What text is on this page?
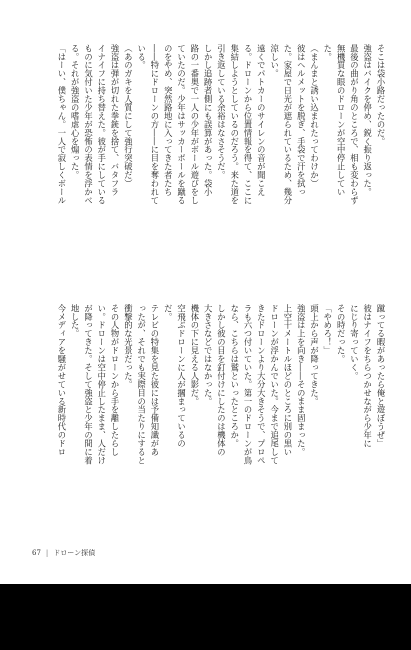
そこは袋小路だったのだ。

強盗はバイクを停め、鋭く振り返った。

最後の曲がり角のところで、相も変わらず

無機質な眼のドローンが空中停止してい

た。

（まんまと誘い込まれたってわけか）

彼はヘルメットを脱ぎ、手袋で汗を拭っ

た。家屋で日光が遮られているため、幾分

涼しい。

遠くでパトカーのサイレンの音が聞こえ

る。ドローンから位置情報を得て、ここに

集結しようとしているのだろう。来た道を

引き返している余裕はなさそうだ。

しかし追跡者側にも誤算があった。袋小

路の一番奥で一人の少年がボール遊びをし

ていたのだ。少年はサッカーボールを蹴る

のをやめ、突然路地に入ってきた者たち

――特にドローンの方――に目を奪われて

いる。

（あのガキを人質にして強行突破だ）

強盗は弾が切れた拳銃を捨て、バタフラ

イナイフに持ち替えた。彼が手にしている

ものに気付いた少年が恐怖の表情を浮かべ

る。それが強盗の嗜虐心を煽った。

「はーい、僕ちゃん。一人で寂しくボール

蹴ってる暇があったら俺と遊ぼうぜ」

彼はナイフをちらつかせながら少年に

にじり寄っていく。

その時だった。

「やめろ！」

頭上から声が降ってきた。

強盗は上を向き――そのまま固まった。

上空十メートルほどのところに別の黒い

ドローンが浮かんでいた。今まで追尾して

きたドローンより大分大きそうで、プロペ

ラも六つ付いていた。第一のドローンが鳥

なら、こちらは鷲といったところか。

しかし彼の目を釘付けにしたのは機体の

大きさなどではなかった。

機体の下に見える人影だ。

空飛ぶドローンに人が摑まっているの

だ。

テレビの特集を見た彼には予備知識があ

ったが、それでも実際目の当たりにすると

衝撃的な光景だった。

その人物がドローンから手を離したらし

い。ドローンは空中停止したまま、人だけ

が降ってきた。そして強盗と少年の間に着

地した。

今メディアを騒がせている新時代のドロ

67 | ドローン探偵
